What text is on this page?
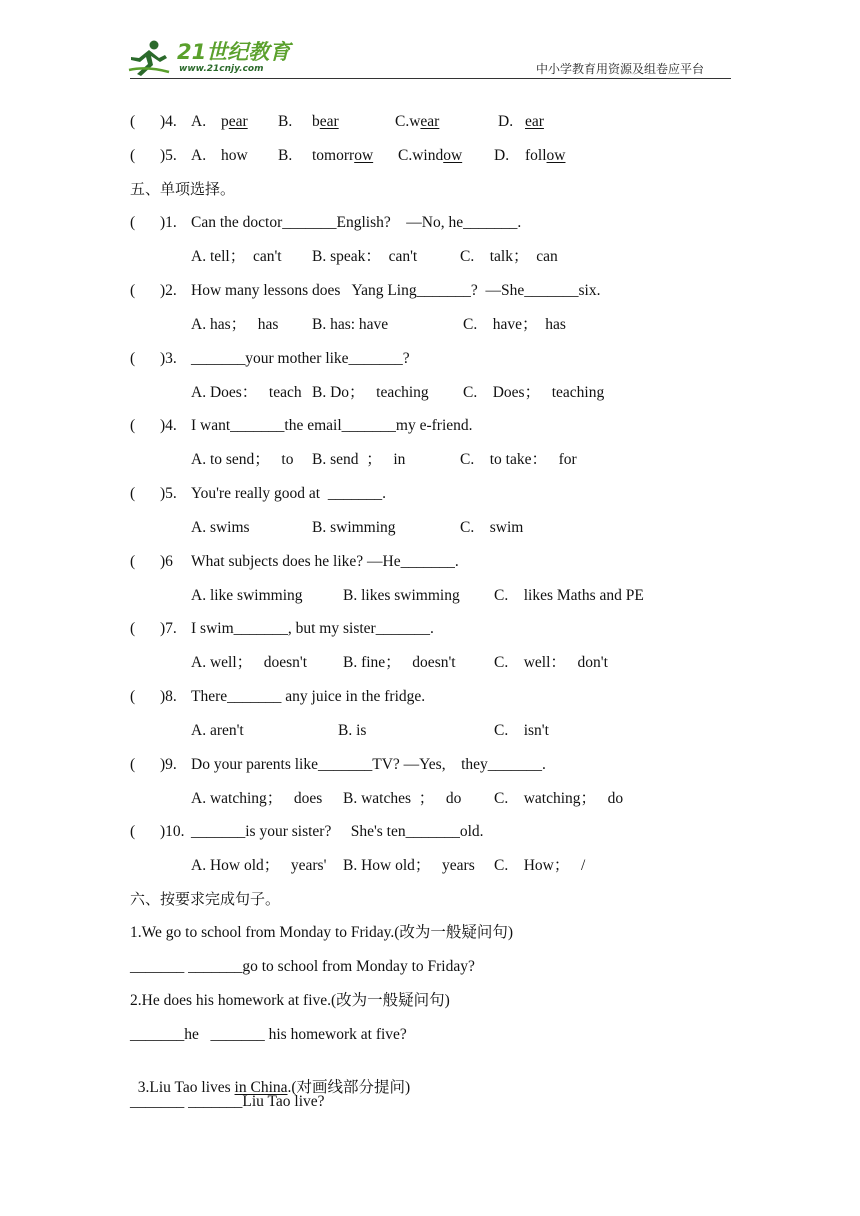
21世纪教育
www.21cnjy.com	中小学教育用资源及组卷应平台
( )4. A. pear B. bear	C.wear	D. ear
( )5. A. how B. tomorrow C.window D. follow
五、单项选择。
( )1. Can the doctor_______English?    —No, he_______.
A. tell；  can't B. speak：  can't	C.    talk；  can
( )2. How many lessons does   Yang Ling_______?  —She_______six.
A. has；   has B. has: have	C.    have；  has
( )3. _______your mother like_______?
A. Does：   teach B. Do；   teaching C.    Does；   teaching
( )4. I want_______the email_______my e-friend.
A. to send；   to B. send  ；   in	C.    to take：   for
( )5. You're really good at  _______.
A. swims	B. swimming	C.    swim
( )6 What subjects does he like? —He_______.
A. like swimming	B. likes swimming C.    likes Maths and PE
( )7. I swim_______, but my sister_______.
A. well；   doesn't B. fine；   doesn't C.    well：   don't
( )8. There_______ any juice in the fridge.
A. aren't	B. is	C.    isn't
( )9. Do your parents like_______TV? —Yes,    they_______.
A. watching；   does B. watches  ；   do C.    watching；   do
( )10. _______is your sister?     She's ten_______old.
A. How old；   years' B. How old；   years C.    How；   /
六、按要求完成句子。
1.We go to school from Monday to Friday.(改为一般疑问句)
_______ _______go to school from Monday to Friday?
2.He does his homework at five.(改为一般疑问句)
_______he   _______ his homework at five?

3.Liu Tao lives in China.(对画线部分提问)

_______ _______Liu Tao live?
